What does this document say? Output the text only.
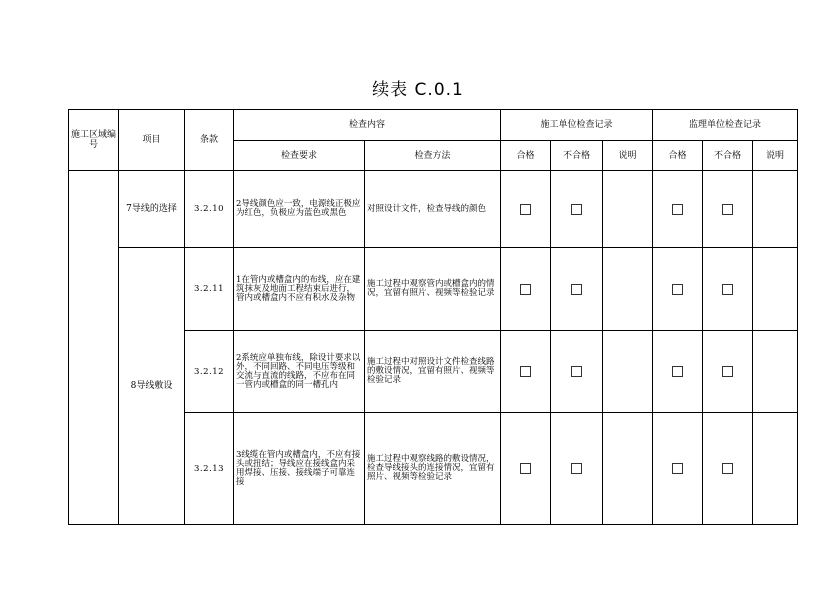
续表 C.0.1
施工区域编号	项目	条款	检查内容		施工单位检查记录			监理单位检查记录		
			检查要求	检查方法	合格	不合格	说明	合格	不合格	说明
	7导线的选择	3.2.10	2导线颜色应一致，电源线正极应为红色，负极应为蓝色或黑色	对照设计文件，检查导线的颜色						
	8导线敷设	3.2.11	1在管内或槽盒内的布线，应在建筑抹灰及地面工程结束后进行，管内或槽盒内不应有积水及杂物	施工过程中观察管内或槽盒内的情况，宜留有照片、视频等检验记录						
		3.2.12	2系统应单独布线，除设计要求以外，不同回路、不同电压等级和交流与直流的线路，不应布在同一管内或槽盒的同一槽孔内	施工过程中对照设计文件检查线路的敷设情况，宜留有照片、视频等检验记录						
		3.2.13	3线缆在管内或槽盒内，不应有接头或扭结；导线应在接线盒内采用焊接、压接、接线端子可靠连接	施工过程中观察线路的敷设情况，检查导线接头的连接情况，宜留有照片、视频等检验记录						
